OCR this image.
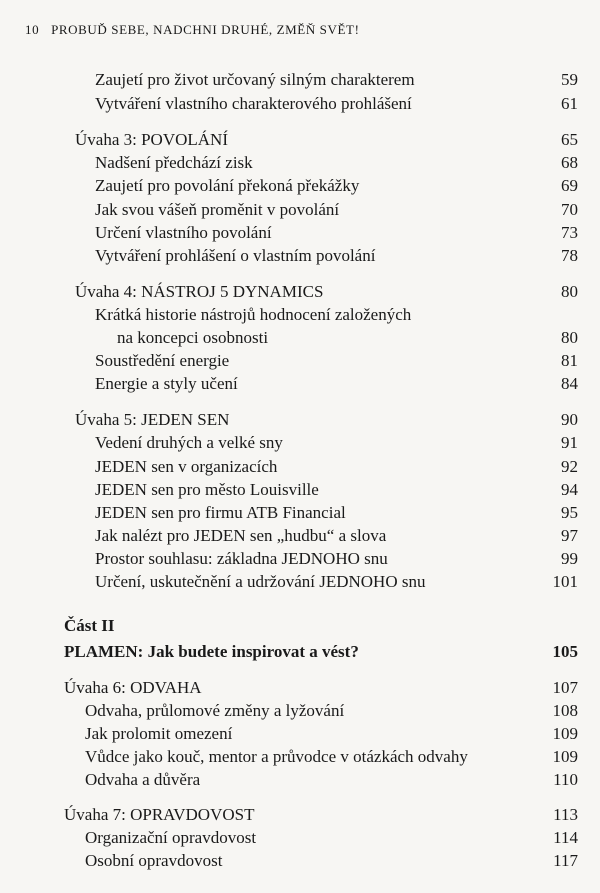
10 PROBUĎ SEBE, NADCHNI DRUHÉ, ZMĚŇ SVĚT!
Zaujetí pro život určovaný silným charakterem	59
Vytváření vlastního charakterového prohlášení	61
Úvaha 3: POVOLÁNÍ	65
Nadšení předchází zisk	68
Zaujetí pro povolání překoná překážky	69
Jak svou vášeň proměnit v povolání	70
Určení vlastního povolání	73
Vytváření prohlášení o vlastním povolání	78
Úvaha 4: NÁSTROJ 5 DYNAMICS	80
Krátká historie nástrojů hodnocení založených
na koncepci osobnosti	80
Soustředění energie	81
Energie a styly učení	84
Úvaha 5: JEDEN SEN	90
Vedení druhých a velké sny	91
JEDEN sen v organizacích	92
JEDEN sen pro město Louisville	94
JEDEN sen pro firmu ATB Financial	95
Jak nalézt pro JEDEN sen „hudbu“ a slova	97
Prostor souhlasu: základna JEDNOHO snu	99
Určení, uskutečnění a udržování JEDNOHO snu	101
Část II
PLAMEN: Jak budete inspirovat a vést?	105
Úvaha 6: ODVAHA	107
Odvaha, průlomové změny a lyžování	108
Jak prolomit omezení	109
Vůdce jako kouč, mentor a průvodce v otázkách odvahy	109
Odvaha a důvěra	110
Úvaha 7: OPRAVDOVOST	113
Organizační opravdovost	114
Osobní opravdovost	117
